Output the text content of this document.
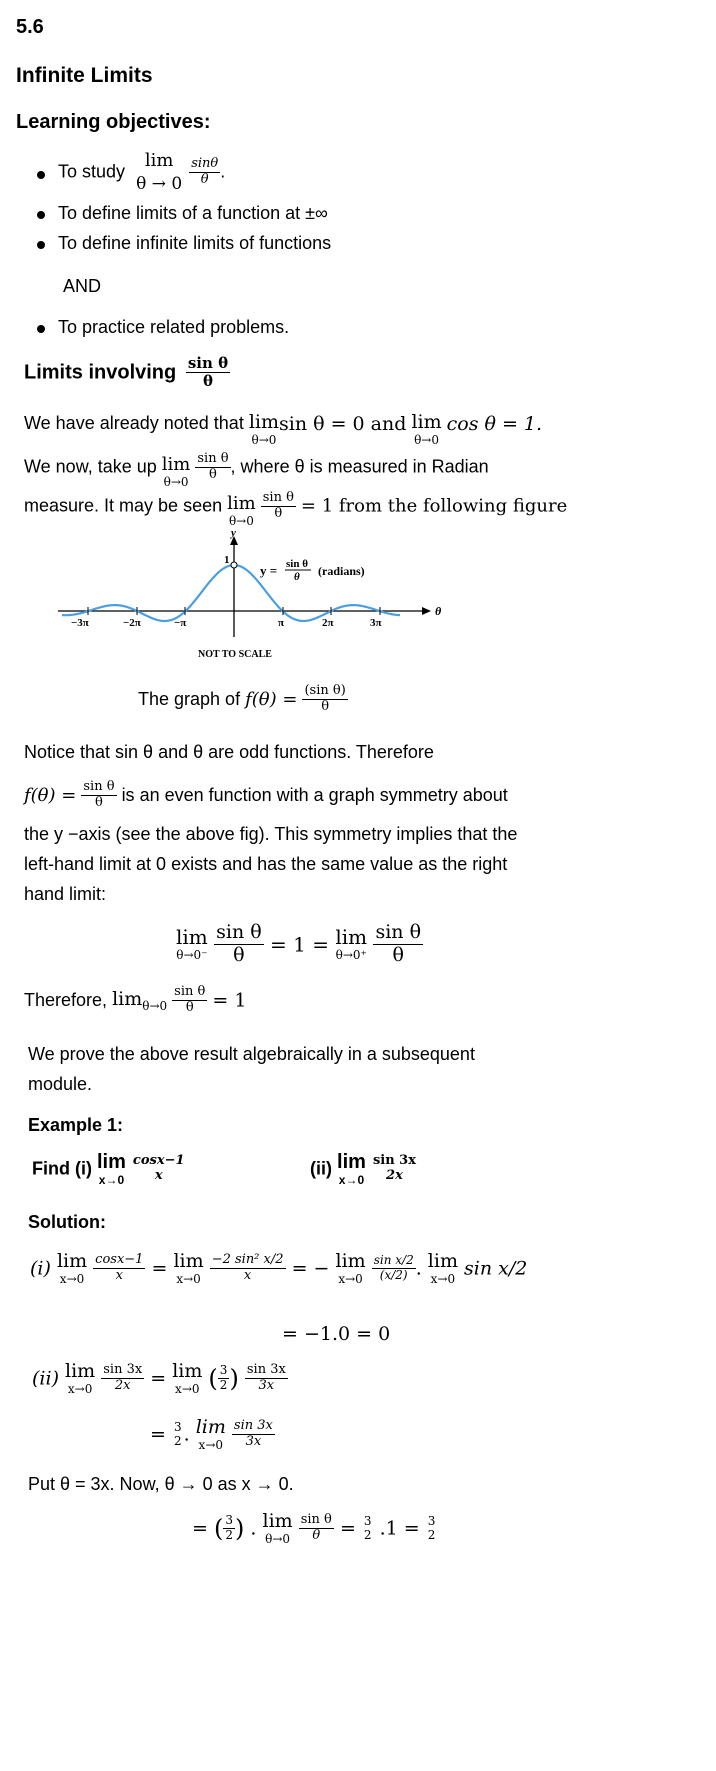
5.6
Infinite Limits
Learning objectives:
To study
lim
θ → 0
$\frac{\sin\theta}{\theta}$ .
To define limits of a function at ±∞
To define infinite limits of functions
AND
To practice related problems.
Limits involving $\frac{\text{sin θ}}{\theta}$
We have already noted that lim
θ→0
sin θ = 0 and lim
θ→0
cos θ = 1.
We now, take up lim
θ→0
$\frac{\text{sin θ}}{\theta}$ , where θ is measured in Radian
measure. It may be seen lim
θ→0
$\frac{\text{sin θ}}{\theta} = 1$ from the following figure
y
θ
1
−3π	−2π	−π	π	2π	3π
y = sin θ
θ (radians)
NOT TO SCALE
The graph of $f(\theta) = \frac{\text{(sin θ)}}{\theta}$
Notice that sin θ and θ are odd functions. Therefore
$f(\theta) = \frac{\text{sin θ}}{\theta}$ is an even function with a graph symmetry about
the y −axis (see the above fig). This symmetry implies that the
left-hand limit at 0 exists and has the same value as the right
hand limit:
lim
θ→0⁻
$\frac{\text{sin θ}}{\theta} = 1 = \lim$
θ→0⁺
$\frac{\text{sin θ}}{\theta}$
Therefore, $\lim_{\theta\to 0} \frac{\text{sin θ}}{\theta} = 1$
We prove the above result algebraically in a subsequent
module.
Example 1:
Find (i) lim
x→0

cosx−1
x	(ii) lim
x→0

sin 3x
2x
Solution:
(i) lim
x→0
$\frac{\cos x-1}{x} = \lim$
x→0
$\frac{\text{−2 sin² x/2}}{x}$ = − lim
x→0
$\frac{\text{sin x/2}}{(x/2)}$ . lim
x→0 sin x/2
= −1.0 = 0
(ii) lim
x→0
$\frac{\sin 3x}{2x} = \lim$
x→0 ( $\frac{3}{2}$ ) $\frac{\sin 3x}{3x}$
= 3
2 . lim
x→0
$\frac{\sin 3x}{3x}$
Put θ = 3x. Now, θ → 0 as x → 0.
= ( $\frac{3}{2}$ ) . lim
θ→0
$\frac{\text{sin θ}}{\theta} = 3$
2 .1 = 3
2
